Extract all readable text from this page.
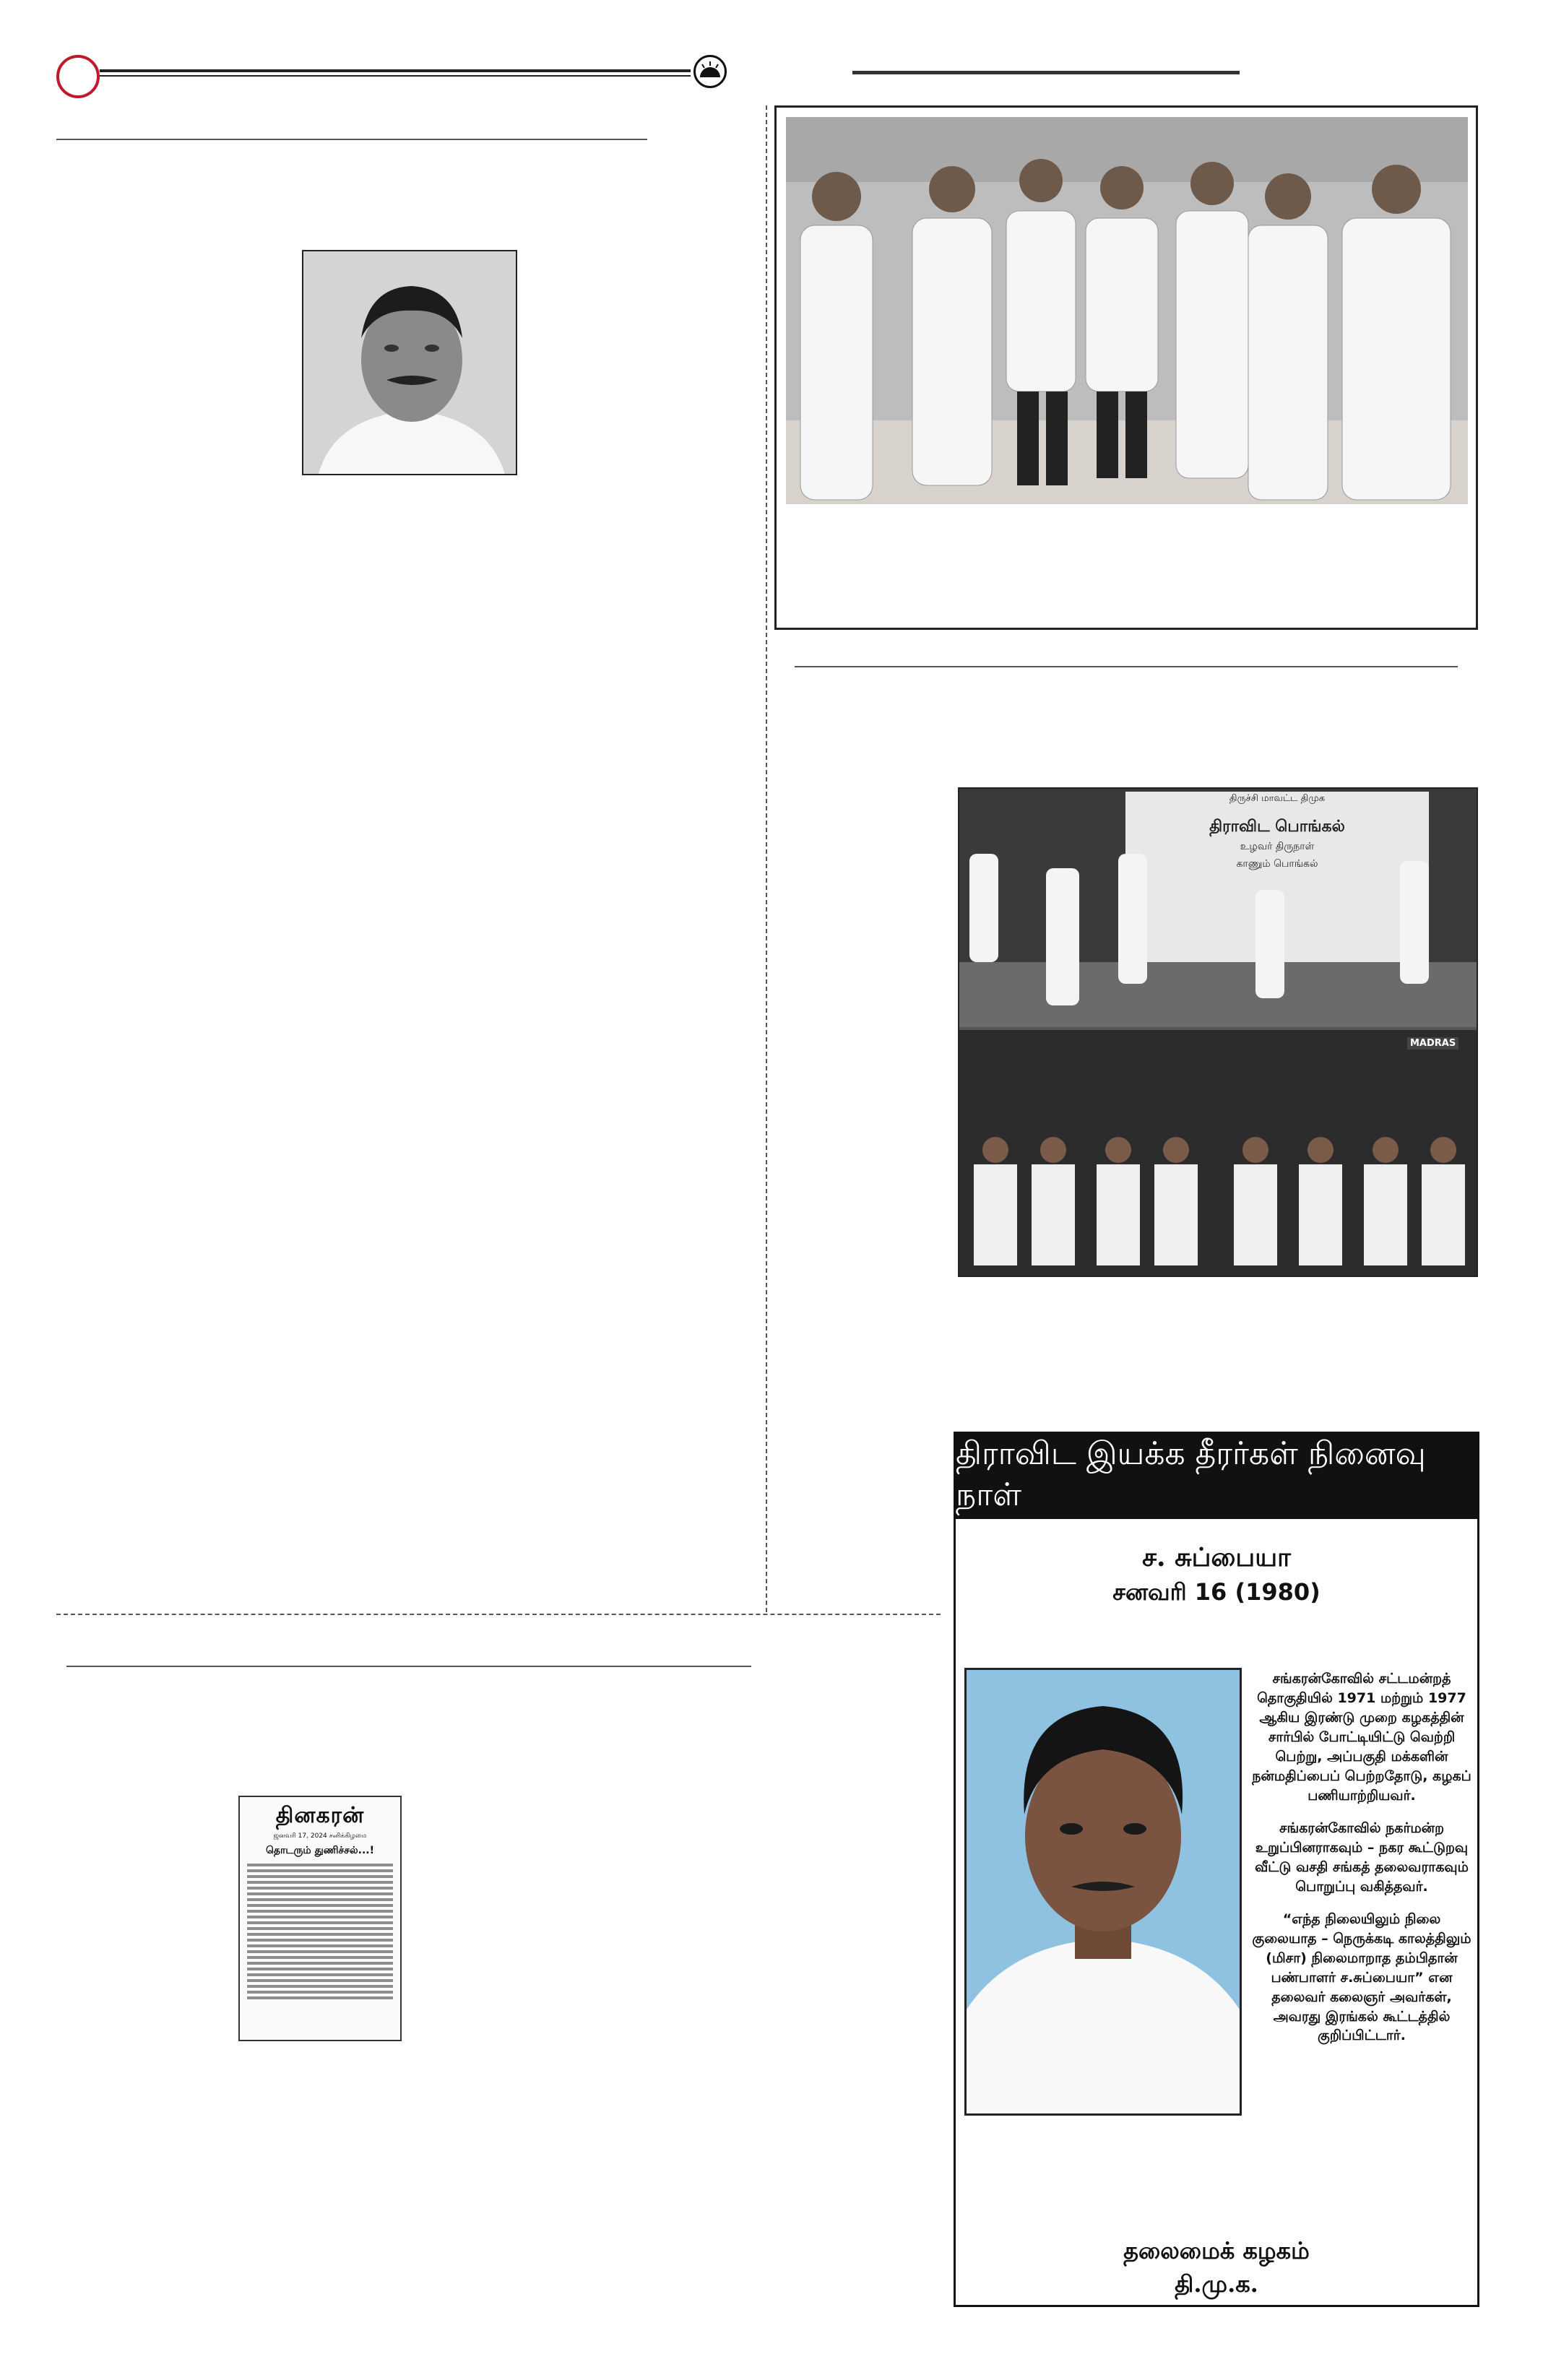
திருச்சி மாவட்ட திமுக
திராவிட பொங்கல்
உழவர் திருநாள்
காணும் பொங்கல்
MADRAS
தினகரன்
ஜனவரி 17, 2024 சனிக்கிழமை
தொடரும் துணிச்சல்...!
திராவிட இயக்க தீரர்கள் நினைவு நாள்
ச. சுப்பையா
சனவரி 16 (1980)

சங்கரன்கோவில் சட்டமன்றத் தொகுதியில் 1971 மற்றும் 1977 ஆகிய இரண்டு முறை கழகத்தின் சார்பில் போட்டியிட்டு வெற்றி பெற்று, அப்பகுதி மக்களின் நன்மதிப்பைப் பெற்றதோடு, கழகப் பணியாற்றியவர்.

சங்கரன்கோவில் நகர்மன்ற உறுப்பினராகவும் – நகர கூட்டுறவு வீட்டு வசதி சங்கத் தலைவராகவும் பொறுப்பு வகித்தவர்.

“எந்த நிலையிலும் நிலை குலையாத – நெருக்கடி காலத்திலும் (மிசா) நிலைமாறாத தம்பிதான் பண்பாளர் ச.சுப்பையா” என தலைவர் கலைஞர் அவர்கள், அவரது இரங்கல் கூட்டத்தில் குறிப்பிட்டார்.

தலைமைக் கழகம்
தி.மு.க.
